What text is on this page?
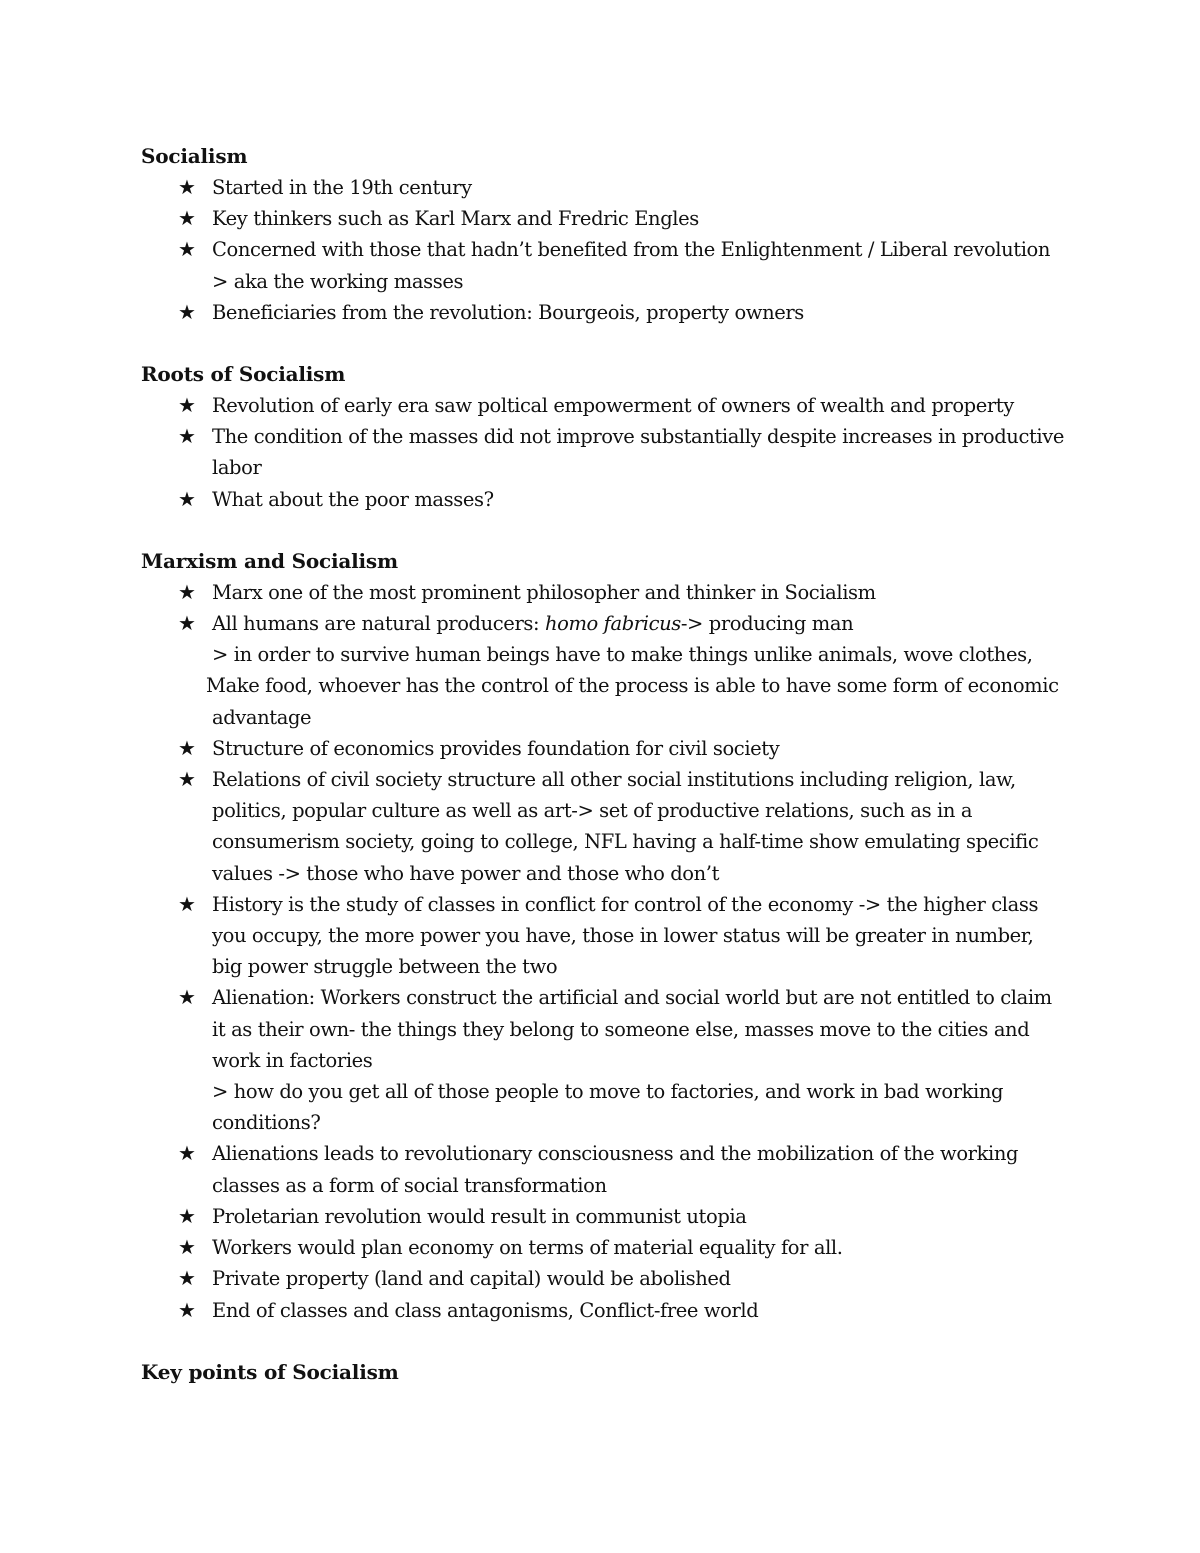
Socialism
★ Started in the 19th century
★ Key thinkers such as Karl Marx and Fredric Engles
★ Concerned with those that hadn’t benefited from the Enlightenment / Liberal revolution
> aka the working masses
★ Beneficiaries from the revolution: Bourgeois, property owners
Roots of Socialism
★ Revolution of early era saw poltical empowerment of owners of wealth and property
★ The condition of the masses did not improve substantially despite increases in productive
labor
★ What about the poor masses?
Marxism and Socialism
★ Marx one of the most prominent philosopher and thinker in Socialism
★ All humans are natural producers: homo fabricus-> producing man
> in order to survive human beings have to make things unlike animals, wove clothes,
Make food, whoever has the control of the process is able to have some form of economic
advantage
★ Structure of economics provides foundation for civil society
★ Relations of civil society structure all other social institutions including religion, law,
politics, popular culture as well as art-> set of productive relations, such as in a
consumerism society, going to college, NFL having a half-time show emulating specific
values -> those who have power and those who don’t
★ History is the study of classes in conflict for control of the economy -> the higher class
you occupy, the more power you have, those in lower status will be greater in number,
big power struggle between the two
★ Alienation: Workers construct the artificial and social world but are not entitled to claim
it as their own- the things they belong to someone else, masses move to the cities and
work in factories
> how do you get all of those people to move to factories, and work in bad working
conditions?
★ Alienations leads to revolutionary consciousness and the mobilization of the working
classes as a form of social transformation
★ Proletarian revolution would result in communist utopia
★ Workers would plan economy on terms of material equality for all.
★ Private property (land and capital) would be abolished
★ End of classes and class antagonisms, Conflict-free world
Key points of Socialism
